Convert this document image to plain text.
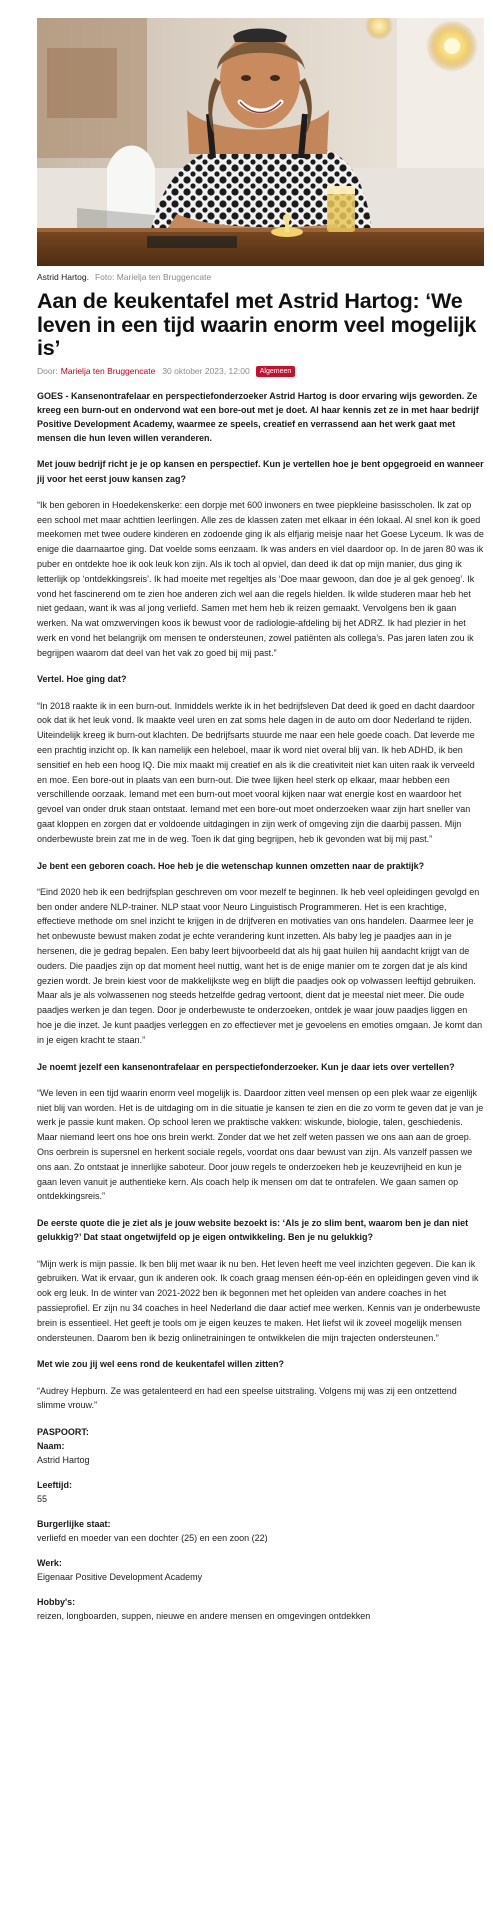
Astrid Hartog. Foto: Marielja ten Bruggencate
Aan de keukentafel met Astrid Hartog: ‘We leven in een tijd waarin enorm veel mogelijk is’
Door: Marielja ten Bruggencate 30 oktober 2023, 12:00	Algemeen

GOES - Kansenontrafelaar en perspectiefonderzoeker Astrid Hartog is door ervaring wijs geworden. Ze kreeg een burn-out en ondervond wat een bore-out met je doet. Al haar kennis zet ze in met haar bedrijf Positive Development Academy, waarmee ze speels, creatief en verrassend aan het werk gaat met mensen die hun leven willen veranderen.

Met jouw bedrijf richt je je op kansen en perspectief. Kun je vertellen hoe je bent opgegroeid en wanneer jij voor het eerst jouw kansen zag?
“Ik ben geboren in Hoedekenskerke: een dorpje met 600 inwoners en twee piepkleine basisscholen. Ik zat op een school met maar achttien leerlingen. Alle zes de klassen zaten met elkaar in één lokaal. Al snel kon ik goed meekomen met twee oudere kinderen en zodoende ging ik als elfjarig meisje naar het Goese Lyceum. Ik was de enige die daarnaartoe ging. Dat voelde soms eenzaam. Ik was anders en viel daardoor op. In de jaren 80 was ik puber en ontdekte hoe ik ook leuk kon zijn. Als ik toch al opviel, dan deed ik dat op mijn manier, dus ging ik letterlijk op ‘ontdekkingsreis’. Ik had moeite met regeltjes als ‘Doe maar gewoon, dan doe je al gek genoeg’. Ik vond het fascinerend om te zien hoe anderen zich wel aan die regels hielden. Ik wilde studeren maar heb het niet gedaan, want ik was al jong verliefd. Samen met hem heb ik reizen gemaakt. Vervolgens ben ik gaan werken. Na wat omzwervingen koos ik bewust voor de radiologie-afdeling bij het ADRZ. Ik had plezier in het werk en vond het belangrijk om mensen te ondersteunen, zowel patiënten als collega’s. Pas jaren laten zou ik begrijpen waarom dat deel van het vak zo goed bij mij past.”
Vertel. Hoe ging dat?
“In 2018 raakte ik in een burn-out. Inmiddels werkte ik in het bedrijfsleven Dat deed ik goed en dacht daardoor ook dat ik het leuk vond. Ik maakte veel uren en zat soms hele dagen in de auto om door Nederland te rijden. Uiteindelijk kreeg ik burn-out klachten. De bedrijfsarts stuurde me naar een hele goede coach. Dat leverde me een prachtig inzicht op. Ik kan namelijk een heleboel, maar ik word niet overal blij van. Ik heb ADHD, ik ben sensitief en heb een hoog IQ. Die mix maakt mij creatief en als ik die creativiteit niet kan uiten raak ik verveeld en moe. Een bore-out in plaats van een burn-out. Die twee lijken heel sterk op elkaar, maar hebben een verschillende oorzaak. Iemand met een burn-out moet vooral kijken naar wat energie kost en waardoor het gevoel van onder druk staan ontstaat. Iemand met een bore-out moet onderzoeken waar zijn hart sneller van gaat kloppen en zorgen dat er voldoende uitdagingen in zijn werk of omgeving zijn die daarbij passen. Mijn onderbewuste brein zat me in de weg. Toen ik dat ging begrijpen, heb ik gevonden wat bij mij past.”
Je bent een geboren coach. Hoe heb je die wetenschap kunnen omzetten naar de praktijk?
“Eind 2020 heb ik een bedrijfsplan geschreven om voor mezelf te beginnen. Ik heb veel opleidingen gevolgd en ben onder andere NLP-trainer. NLP staat voor Neuro Linguistisch Programmeren. Het is een krachtige, effectieve methode om snel inzicht te krijgen in de drijfveren en motivaties van ons handelen. Daarmee leer je het onbewuste bewust maken zodat je echte verandering kunt inzetten. Als baby leg je paadjes aan in je hersenen, die je gedrag bepalen. Een baby leert bijvoorbeeld dat als hij gaat huilen hij aandacht krijgt van de ouders. Die paadjes zijn op dat moment heel nuttig, want het is de enige manier om te zorgen dat je als kind gezien wordt. Je brein kiest voor de makkelijkste weg en blijft die paadjes ook op volwassen leeftijd gebruiken. Maar als je als volwassenen nog steeds hetzelfde gedrag vertoont, dient dat je meestal niet meer. Die oude paadjes werken je dan tegen. Door je onderbewuste te onderzoeken, ontdek je waar jouw paadjes liggen en hoe je die inzet. Je kunt paadjes verleggen en zo effectiever met je gevoelens en emoties omgaan. Je komt dan in je eigen kracht te staan.”
Je noemt jezelf een kansenontrafelaar en perspectiefonderzoeker. Kun je daar iets over vertellen?
“We leven in een tijd waarin enorm veel mogelijk is. Daardoor zitten veel mensen op een plek waar ze eigenlijk niet blij van worden. Het is de uitdaging om in die situatie je kansen te zien en die zo vorm te geven dat je van je werk je passie kunt maken. Op school leren we praktische vakken: wiskunde, biologie, talen, geschiedenis. Maar niemand leert ons hoe ons brein werkt. Zonder dat we het zelf weten passen we ons aan aan de groep. Ons oerbrein is supersnel en herkent sociale regels, voordat ons daar bewust van zijn. Als vanzelf passen we ons aan. Zo ontstaat je innerlijke saboteur. Door jouw regels te onderzoeken heb je keuzevrijheid en kun je gaan leven vanuit je authentieke kern. Als coach help ik mensen om dat te ontrafelen. We gaan samen op ontdekkingsreis.”
De eerste quote die je ziet als je jouw website bezoekt is: ‘Als je zo slim bent, waarom ben je dan niet gelukkig?’ Dat staat ongetwijfeld op je eigen ontwikkeling. Ben je nu gelukkig?
“Mijn werk is mijn passie. Ik ben blij met waar ik nu ben. Het leven heeft me veel inzichten gegeven. Die kan ik gebruiken. Wat ik ervaar, gun ik anderen ook. Ik coach graag mensen één-op-één en opleidingen geven vind ik ook erg leuk. In de winter van 2021-2022 ben ik begonnen met het opleiden van andere coaches in het passieprofiel. Er zijn nu 34 coaches in heel Nederland die daar actief mee werken. Kennis van je onderbewuste brein is essentieel. Het geeft je tools om je eigen keuzes te maken. Het liefst wil ik zoveel mogelijk mensen ondersteunen. Daarom ben ik bezig onlinetrainingen te ontwikkelen die mijn trajecten ondersteunen.”
Met wie zou jij wel eens rond de keukentafel willen zitten?
“Audrey Hepburn. Ze was getalenteerd en had een speelse uitstraling. Volgens mij was zij een ontzettend slimme vrouw.”
PASPOORT:
Naam:
Astrid Hartog
Leeftijd:
55
Burgerlijke staat:
verliefd en moeder van een dochter (25) en een zoon (22)
Werk:
Eigenaar Positive Development Academy
Hobby's:
reizen, longboarden, suppen, nieuwe en andere mensen en omgevingen ontdekken
